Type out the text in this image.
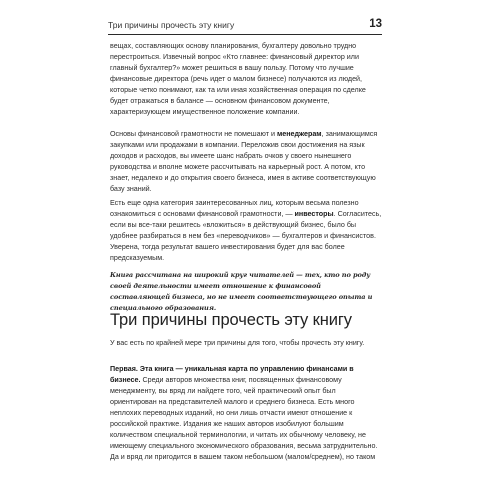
Три причины прочесть эту книгу	13

вещах, составляющих основу планирования, бухгалтеру довольно трудно перестроиться. Извечный вопрос «Кто главнее: финансовый директор или главный бухгалтер?» может решиться в вашу пользу. Потому что лучшие финансовые директора (речь идет о малом бизнесе) получаются из людей, которые четко понимают, как та или иная хозяйственная операция по сделке будет отражаться в балансе — основном финансовом документе, характеризующем имущественное положение компании.

Основы финансовой грамотности не помешают и менеджерам, занимающимся закупками или продажами в компании. Переложив свои достижения на язык доходов и расходов, вы имеете шанс набрать очков у своего нынешнего руководства и вполне можете рассчитывать на карьерный рост. А потом, кто знает, недалеко и до открытия своего бизнеса, имея в активе соответствующую базу знаний.

Есть еще одна категория заинтересованных лиц, которым весьма полезно ознакомиться с основами финансовой грамотности, — инвесторы. Согласитесь, если вы все-таки решитесь «вложиться» в действующий бизнес, было бы удобнее разбираться в нем без «переводчиков» — бухгалтеров и финансистов. Уверена, тогда результат вашего инвестирования будет для вас более предсказуемым.

Книга рассчитана на широкий круг читателей — тех, кто по роду своей деятельности имеет отношение к финансовой составляющей бизнеса, но не имеет соответствующего опыта и специального образования.

Три причины прочесть эту книгу

У вас есть по крайней мере три причины для того, чтобы прочесть эту книгу.

Первая. Эта книга — уникальная карта по управлению финансами в бизнесе. Среди авторов множества книг, посвященных финансовому менеджменту, вы вряд ли найдете того, чей практический опыт был ориентирован на представителей малого и среднего бизнеса. Есть много неплохих переводных изданий, но они лишь отчасти имеют отношение к российской практике. Издания же наших авторов изобилуют большим количеством специальной терминологии, и читать их обычному человеку, не имеющему специального экономического образования, весьма затруднительно. Да и вряд ли пригодится в вашем таком небольшом (малом/среднем), но таком
